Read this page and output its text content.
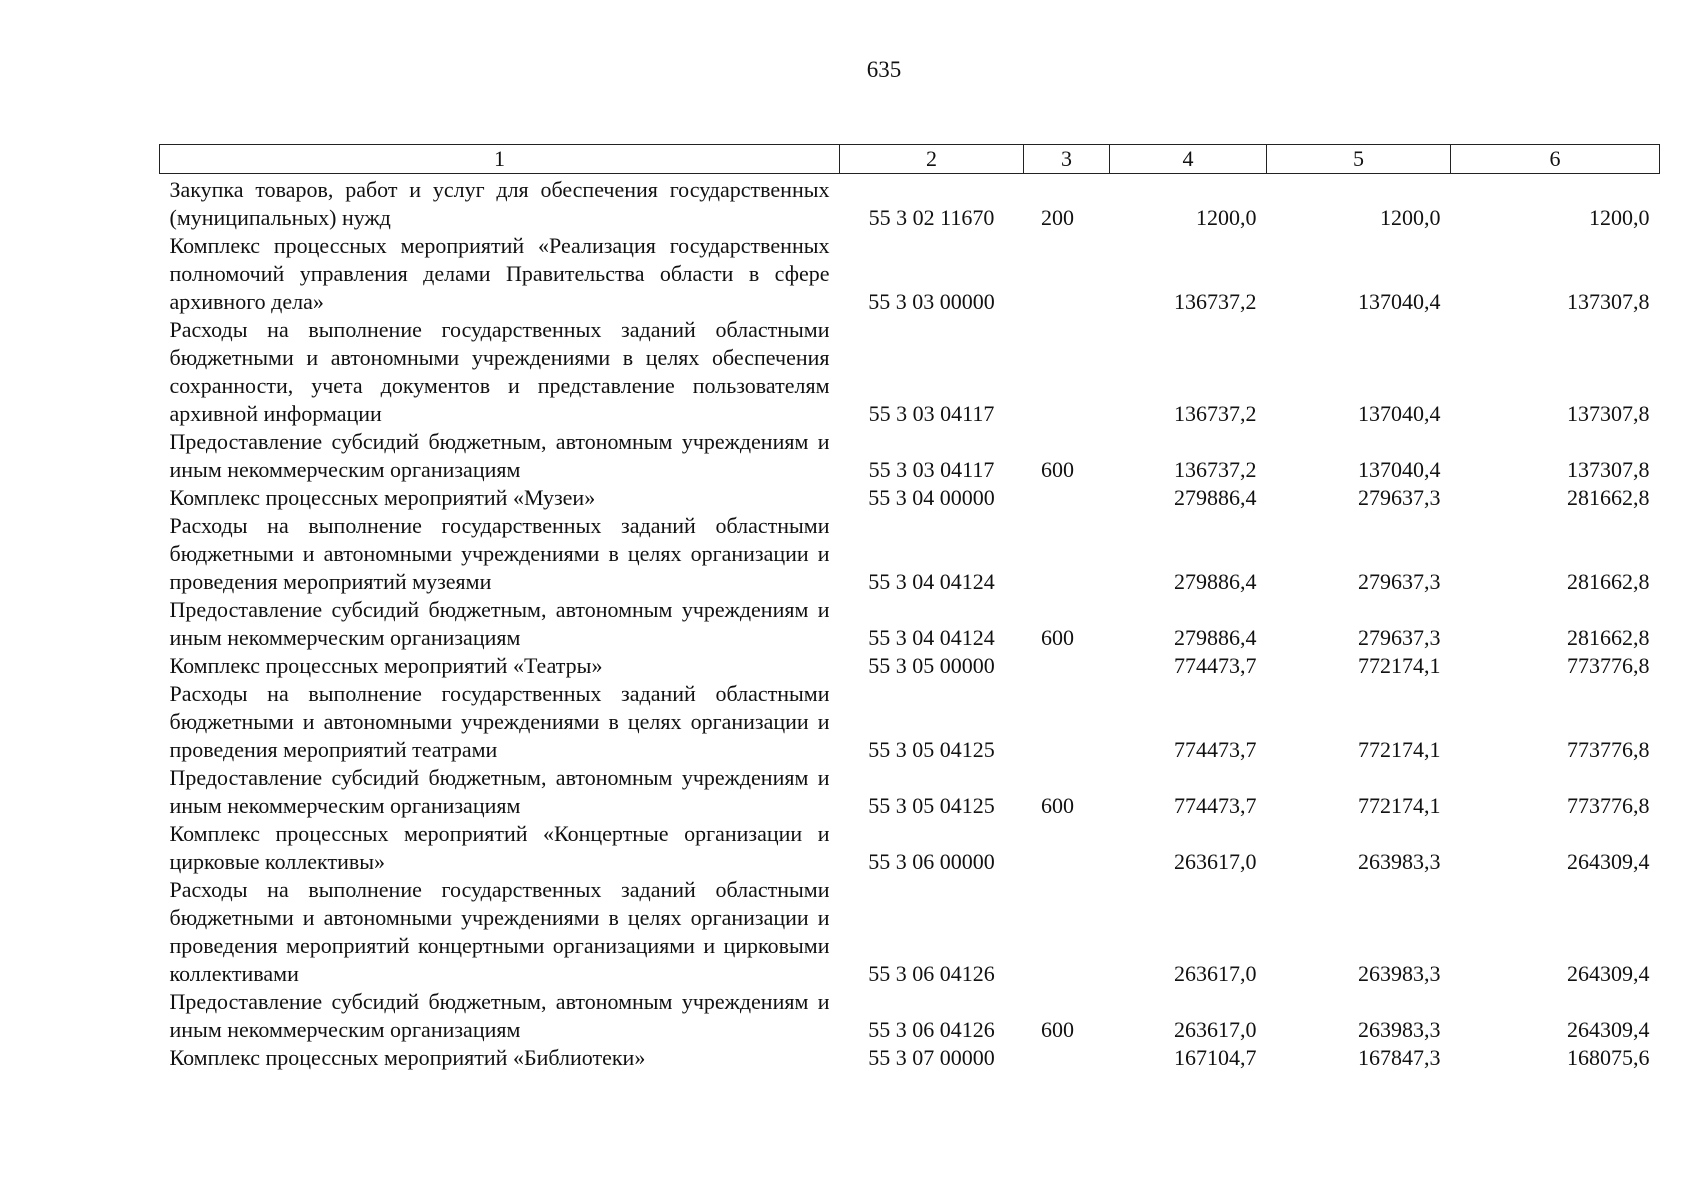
635
1	2	3	4	5	6
Закупка товаров, работ и услуг для обеспечения государственных (муниципальных) нужд	55 3 02 11670	200	1200,0	1200,0	1200,0
Комплекс процессных мероприятий «Реализация государственных полномочий управления делами Правительства области в сфере архивного дела»	55 3 03 00000		136737,2	137040,4	137307,8
Расходы на выполнение государственных заданий областными бюджетными и автономными учреждениями в целях обеспечения сохранности, учета документов и представление пользователям архивной информации	55 3 03 04117		136737,2	137040,4	137307,8
Предоставление субсидий бюджетным, автономным учреждениям и иным некоммерческим организациям	55 3 03 04117	600	136737,2	137040,4	137307,8
Комплекс процессных мероприятий «Музеи»	55 3 04 00000		279886,4	279637,3	281662,8
Расходы на выполнение государственных заданий областными бюджетными и автономными учреждениями в целях организации и проведения мероприятий музеями	55 3 04 04124		279886,4	279637,3	281662,8
Предоставление субсидий бюджетным, автономным учреждениям и иным некоммерческим организациям	55 3 04 04124	600	279886,4	279637,3	281662,8
Комплекс процессных мероприятий «Театры»	55 3 05 00000		774473,7	772174,1	773776,8
Расходы на выполнение государственных заданий областными бюджетными и автономными учреждениями в целях организации и проведения мероприятий театрами	55 3 05 04125		774473,7	772174,1	773776,8
Предоставление субсидий бюджетным, автономным учреждениям и иным некоммерческим организациям	55 3 05 04125	600	774473,7	772174,1	773776,8
Комплекс процессных мероприятий «Концертные организации и цирковые коллективы»	55 3 06 00000		263617,0	263983,3	264309,4
Расходы на выполнение государственных заданий областными бюджетными и автономными учреждениями в целях организации и проведения мероприятий концертными организациями и цирковыми коллективами	55 3 06 04126		263617,0	263983,3	264309,4
Предоставление субсидий бюджетным, автономным учреждениям и иным некоммерческим организациям	55 3 06 04126	600	263617,0	263983,3	264309,4
Комплекс процессных мероприятий «Библиотеки»	55 3 07 00000		167104,7	167847,3	168075,6
